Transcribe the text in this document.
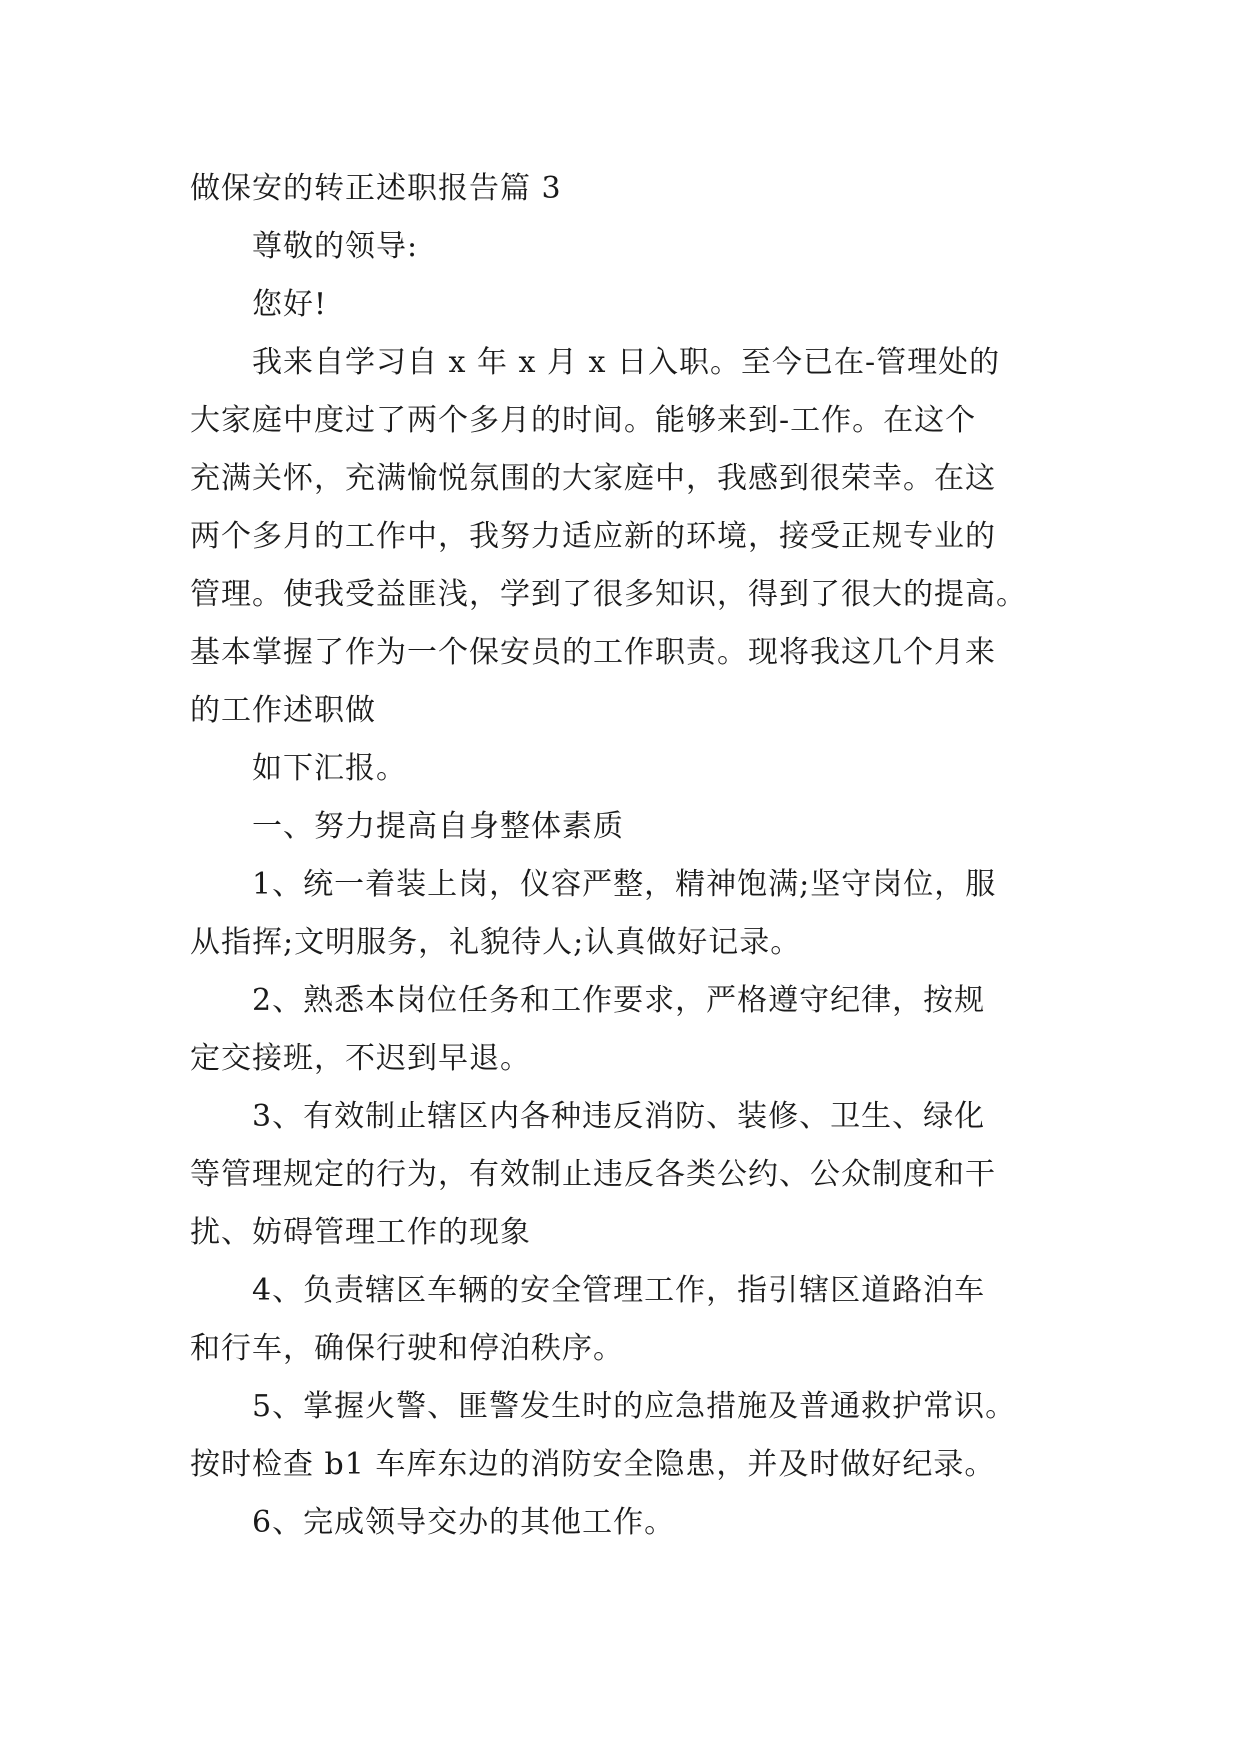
做保安的转正述职报告篇 3
尊敬的领导:
您好!
我来自学习自 x 年 x 月 x 日入职。至今已在-管理处的
大家庭中度过了两个多月的时间。能够来到-工作。在这个
充满关怀，充满愉悦氛围的大家庭中，我感到很荣幸。在这
两个多月的工作中，我努力适应新的环境，接受正规专业的
管理。使我受益匪浅，学到了很多知识，得到了很大的提高。
基本掌握了作为一个保安员的工作职责。现将我这几个月来
的工作述职做
如下汇报。
一、努力提高自身整体素质
1、统一着装上岗，仪容严整，精神饱满;坚守岗位，服
从指挥;文明服务，礼貌待人;认真做好记录。
2、熟悉本岗位任务和工作要求，严格遵守纪律，按规
定交接班，不迟到早退。
3、有效制止辖区内各种违反消防、装修、卫生、绿化
等管理规定的行为，有效制止违反各类公约、公众制度和干
扰、妨碍管理工作的现象
4、负责辖区车辆的安全管理工作，指引辖区道路泊车
和行车，确保行驶和停泊秩序。
5、掌握火警、匪警发生时的应急措施及普通救护常识。
按时检查 b1 车库东边的消防安全隐患，并及时做好纪录。
6、完成领导交办的其他工作。
